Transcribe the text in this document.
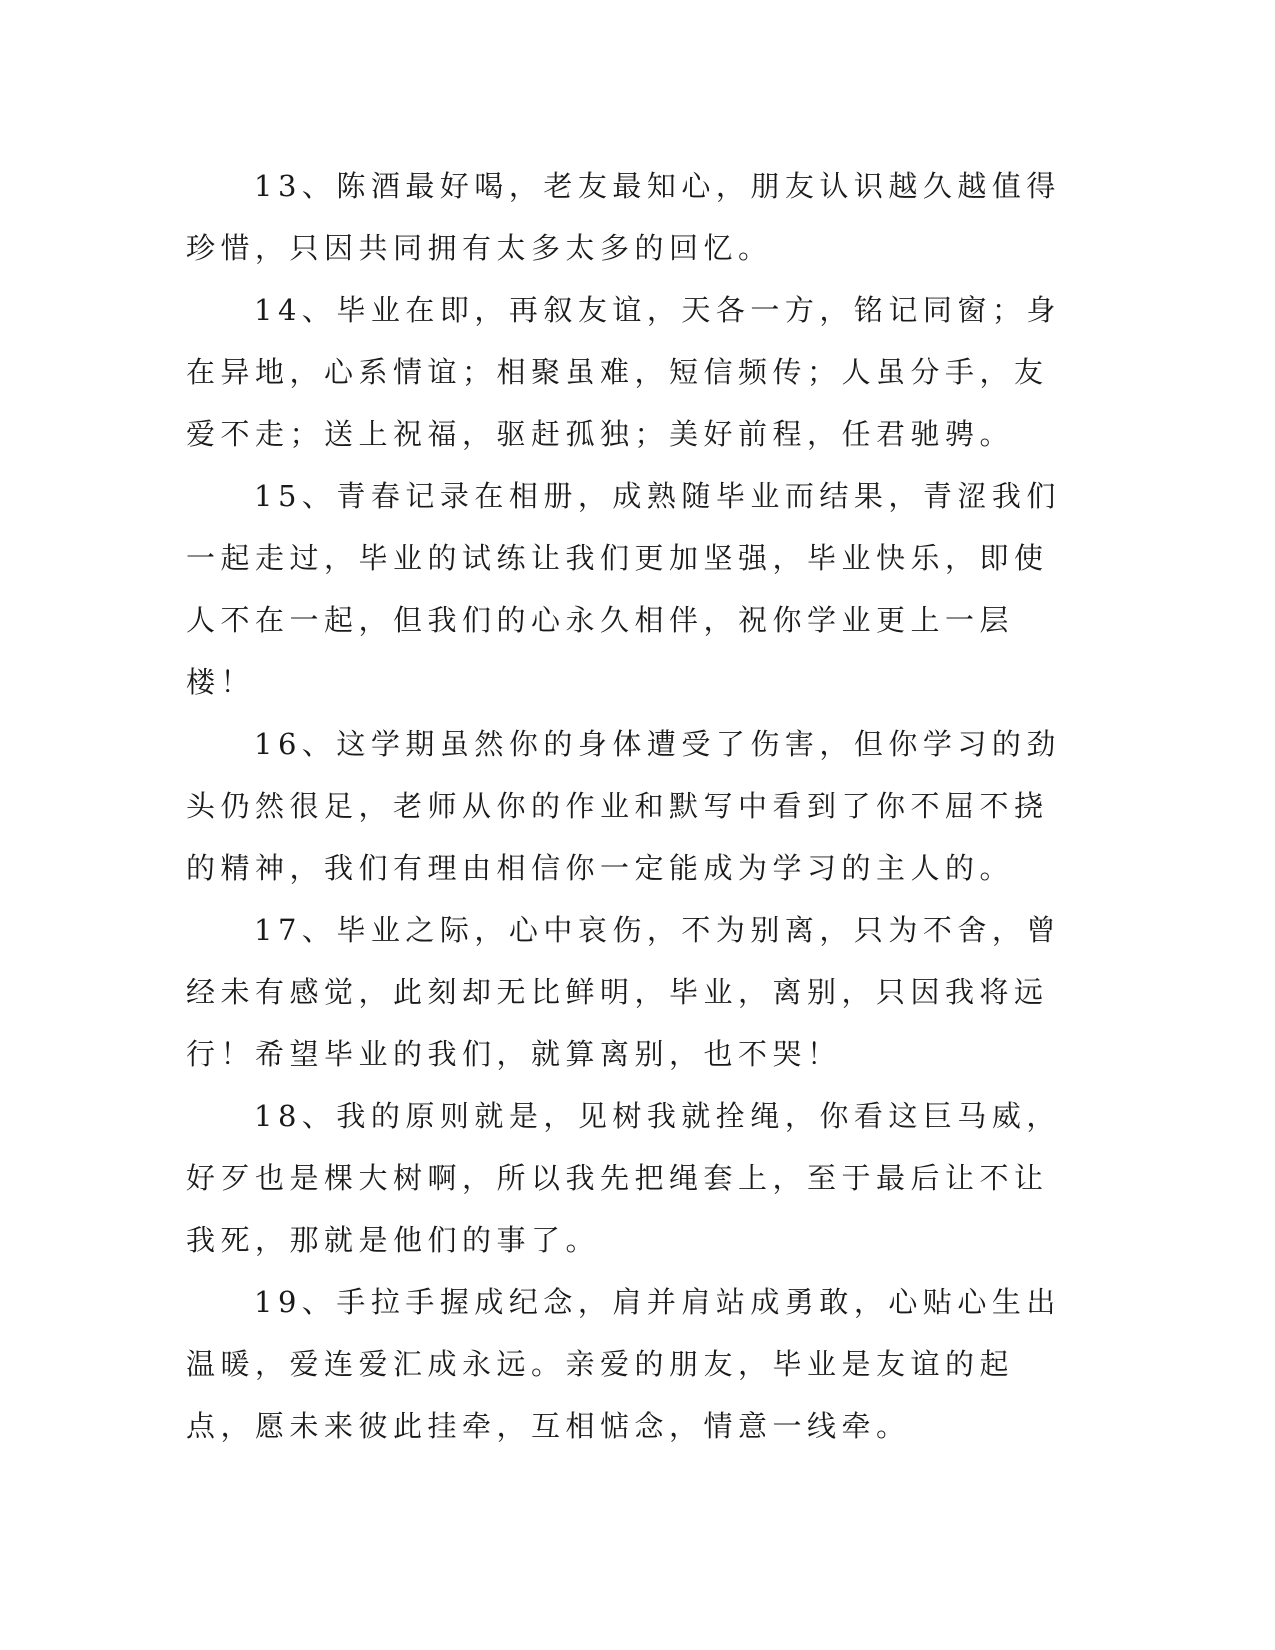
13、陈酒最好喝，老友最知心，朋友认识越久越值得珍惜，只因共同拥有太多太多的回忆。

14、毕业在即，再叙友谊，天各一方，铭记同窗；身在异地，心系情谊；相聚虽难，短信频传；人虽分手，友爱不走；送上祝福，驱赶孤独；美好前程，任君驰骋。

15、青春记录在相册，成熟随毕业而结果，青涩我们一起走过，毕业的试练让我们更加坚强，毕业快乐，即使人不在一起，但我们的心永久相伴，祝你学业更上一层楼！

16、这学期虽然你的身体遭受了伤害，但你学习的劲头仍然很足，老师从你的作业和默写中看到了你不屈不挠的精神，我们有理由相信你一定能成为学习的主人的。

17、毕业之际，心中哀伤，不为别离，只为不舍，曾经未有感觉，此刻却无比鲜明，毕业，离别，只因我将远行！希望毕业的我们，就算离别，也不哭！

18、我的原则就是，见树我就拴绳，你看这巨马威，好歹也是棵大树啊，所以我先把绳套上，至于最后让不让我死，那就是他们的事了。

19、手拉手握成纪念，肩并肩站成勇敢，心贴心生出温暖，爱连爱汇成永远。亲爱的朋友，毕业是友谊的起点，愿未来彼此挂牵，互相惦念，情意一线牵。
